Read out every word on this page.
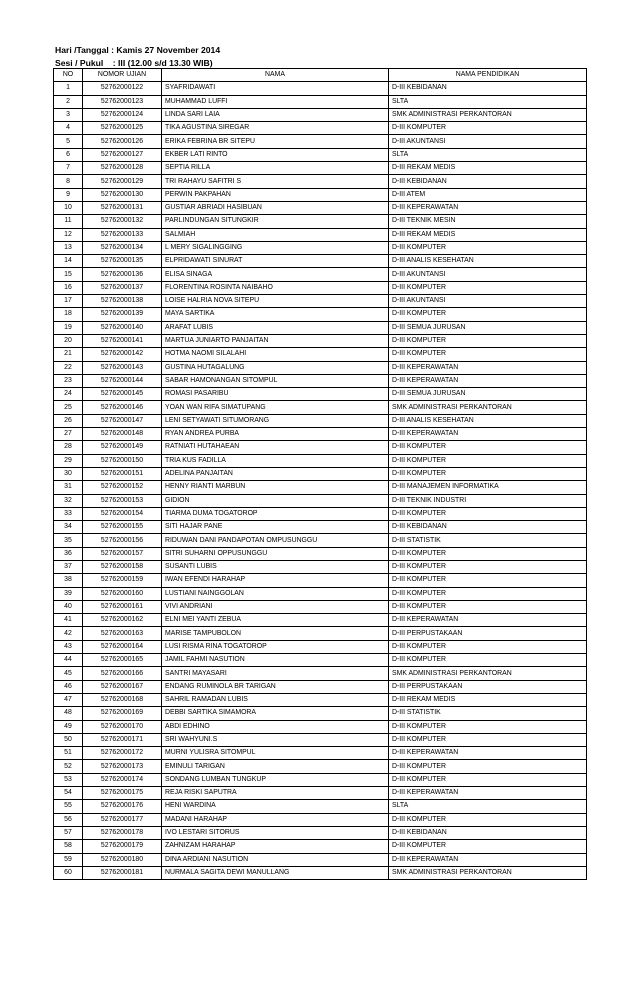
Hari /Tanggal : Kamis 27 November 2014
Sesi / Pukul    : III (12.00 s/d 13.30 WIB)
NO	NOMOR UJIAN	NAMA	NAMA PENDIDIKAN
1	52762000122	SYAFRIDAWATI	D-III KEBIDANAN
2	52762000123	MUHAMMAD LUFFI	SLTA
3	52762000124	LINDA SARI LAIA	SMK ADMINISTRASI PERKANTORAN
4	52762000125	TIKA AGUSTINA SIREGAR	D-III KOMPUTER
5	52762000126	ERIKA FEBRINA BR SITEPU	D-III AKUNTANSI
6	52762000127	EKBER LATI RINTO	SLTA
7	52762000128	SEPTIA RILLA	D-III REKAM MEDIS
8	52762000129	TRI RAHAYU SAFITRI S	D-III KEBIDANAN
9	52762000130	PERWIN PAKPAHAN	D-III ATEM
10	52762000131	GUSTIAR ABRIADI HASIBUAN	D-III KEPERAWATAN
11	52762000132	PARLINDUNGAN SITUNGKIR	D-III TEKNIK MESIN
12	52762000133	SALMIAH	D-III REKAM MEDIS
13	52762000134	L MERY SIGALINGGING	D-III KOMPUTER
14	52762000135	ELPRIDAWATI SINURAT	D-III ANALIS KESEHATAN
15	52762000136	ELISA SINAGA	D-III AKUNTANSI
16	52762000137	FLORENTINA ROSINTA NAIBAHO	D-III KOMPUTER
17	52762000138	LOISE HALRIA NOVA SITEPU	D-III AKUNTANSI
18	52762000139	MAYA SARTIKA	D-III KOMPUTER
19	52762000140	ARAFAT LUBIS	D-III SEMUA JURUSAN
20	52762000141	MARTUA JUNIARTO PANJAITAN	D-III KOMPUTER
21	52762000142	HOTMA NAOMI SILALAHI	D-III KOMPUTER
22	52762000143	GUSTINA HUTAGALUNG	D-III KEPERAWATAN
23	52762000144	SABAR HAMONANGAN SITOMPUL	D-III KEPERAWATAN
24	52762000145	ROMASI PASARIBU	D-III SEMUA JURUSAN
25	52762000146	YOAN WAN RIFA SIMATUPANG	SMK ADMINISTRASI PERKANTORAN
26	52762000147	LENI SETYAWATI SITUMORANG	D-III ANALIS KESEHATAN
27	52762000148	RYAN ANDREA PURBA	D-III KEPERAWATAN
28	52762000149	RATNIATI HUTAHAEAN	D-III KOMPUTER
29	52762000150	TRIA KUS FADILLA	D-III KOMPUTER
30	52762000151	ADELINA PANJAITAN	D-III KOMPUTER
31	52762000152	HENNY RIANTI MARBUN	D-III MANAJEMEN INFORMATIKA
32	52762000153	GIDION	D-III TEKNIK INDUSTRI
33	52762000154	TIARMA DUMA TOGATOROP	D-III KOMPUTER
34	52762000155	SITI HAJAR PANE	D-III KEBIDANAN
35	52762000156	RIDUWAN DANI PANDAPOTAN OMPUSUNGGU	D-III STATISTIK
36	52762000157	SITRI SUHARNI OPPUSUNGGU	D-III KOMPUTER
37	52762000158	SUSANTI LUBIS	D-III KOMPUTER
38	52762000159	IWAN EFENDI HARAHAP	D-III KOMPUTER
39	52762000160	LUSTIANI NAINGGOLAN	D-III KOMPUTER
40	52762000161	VIVI ANDRIANI	D-III KOMPUTER
41	52762000162	ELNI MEI YANTI ZEBUA	D-III KEPERAWATAN
42	52762000163	MARISE TAMPUBOLON	D-III PERPUSTAKAAN
43	52762000164	LUSI RISMA RINA TOGATOROP	D-III KOMPUTER
44	52762000165	JAMIL FAHMI NASUTION	D-III KOMPUTER
45	52762000166	SANTRI MAYASARI	SMK ADMINISTRASI PERKANTORAN
46	52762000167	ENDANG RUMINOLA BR TARIGAN	D-III PERPUSTAKAAN
47	52762000168	SAHRIL RAMADAN LUBIS	D-III REKAM MEDIS
48	52762000169	DEBBI SARTIKA SIMAMORA	D-III STATISTIK
49	52762000170	ABDI EDHINO	D-III KOMPUTER
50	52762000171	SRI WAHYUNI.S	D-III KOMPUTER
51	52762000172	MURNI YULISRA SITOMPUL	D-III KEPERAWATAN
52	52762000173	EMINULI TARIGAN	D-III KOMPUTER
53	52762000174	SONDANG LUMBAN TUNGKUP	D-III KOMPUTER
54	52762000175	REJA RISKI SAPUTRA	D-III KEPERAWATAN
55	52762000176	HENI WARDINA	SLTA
56	52762000177	MADANI HARAHAP	D-III KOMPUTER
57	52762000178	IVO LESTARI SITORUS	D-III KEBIDANAN
58	52762000179	ZAHNIZAM HARAHAP	D-III KOMPUTER
59	52762000180	DINA ARDIANI NASUTION	D-III KEPERAWATAN
60	52762000181	NURMALA SAGITA DEWI MANULLANG	SMK ADMINISTRASI PERKANTORAN
